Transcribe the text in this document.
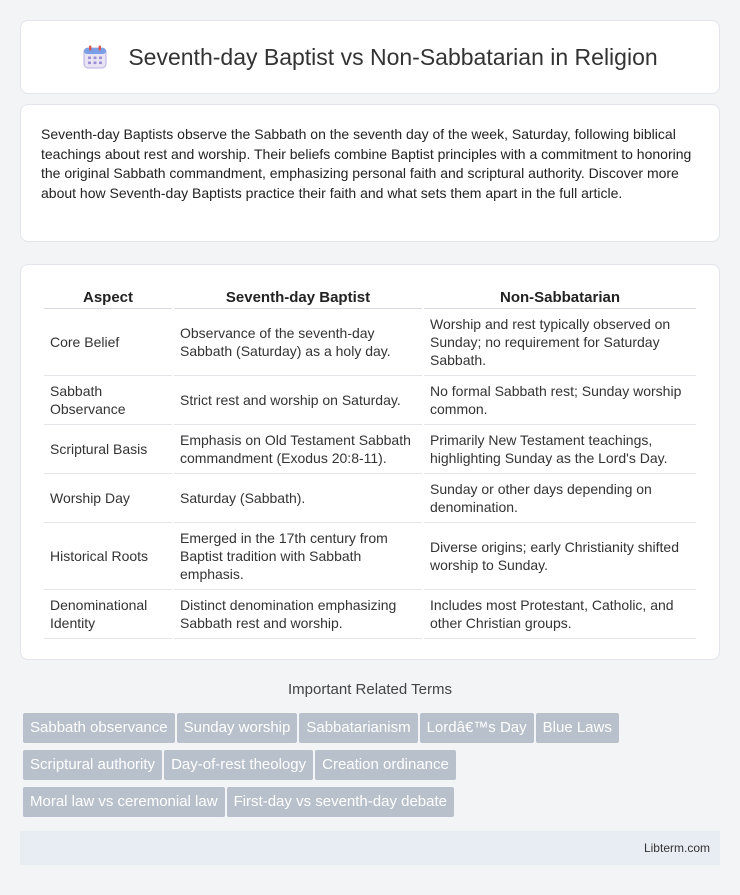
Seventh-day Baptist vs Non-Sabbatarian in Religion

Seventh-day Baptists observe the Sabbath on the seventh day of the week, Saturday, following biblical teachings about rest and worship. Their beliefs combine Baptist principles with a commitment to honoring the original Sabbath commandment, emphasizing personal faith and scriptural authority. Discover more about how Seventh-day Baptists practice their faith and what sets them apart in the full article.

Aspect	Seventh-day Baptist	Non-Sabbatarian
Core Belief	Observance of the seventh-day Sabbath (Saturday) as a holy day.	Worship and rest typically observed on Sunday; no requirement for Saturday Sabbath.
Sabbath Observance	Strict rest and worship on Saturday.	No formal Sabbath rest; Sunday worship common.
Scriptural Basis	Emphasis on Old Testament Sabbath commandment (Exodus 20:8-11).	Primarily New Testament teachings, highlighting Sunday as the Lord's Day.
Worship Day	Saturday (Sabbath).	Sunday or other days depending on denomination.
Historical Roots	Emerged in the 17th century from Baptist tradition with Sabbath emphasis.	Diverse origins; early Christianity shifted worship to Sunday.
Denominational Identity	Distinct denomination emphasizing Sabbath rest and worship.	Includes most Protestant, Catholic, and other Christian groups.
Important Related Terms
Sabbath observance Sunday worship Sabbatarianism Lordâ€™s Day Blue Laws
Scriptural authority Day-of-rest theology Creation ordinance
Moral law vs ceremonial law First-day vs seventh-day debate
Libterm.com
